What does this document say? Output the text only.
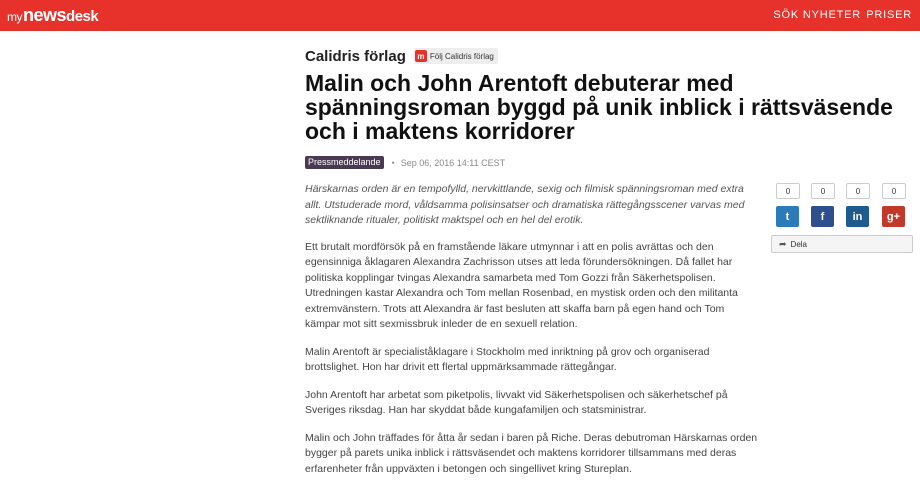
mynewsdesk	SÖK NYHETER PRISER
Calidris förlag	m Följ Calidris förlag
Malin och John Arentoft debuterar med spänningsroman byggd på unik inblick i rättsväsende och i maktens korridorer
Pressmeddelande	• Sep 06, 2016 14:11 CEST

Härskarnas orden är en tempofylld, nervkittlande, sexig och filmisk spänningsroman med extra allt. Utstuderade mord, våldsamma polisinsatser och dramatiska rättegångsscener varvas med sektliknande ritualer, politiskt maktspel och en hel del erotik.

Ett brutalt mordförsök på en framstående läkare utmynnar i att en polis avrättas och den egensinniga åklagaren Alexandra Zachrisson utses att leda förundersökningen. Då fallet har politiska kopplingar tvingas Alexandra samarbeta med Tom Gozzi från Säkerhetspolisen. Utredningen kastar Alexandra och Tom mellan Rosenbad, en mystisk orden och den militanta extremvänstern. Trots att Alexandra är fast besluten att skaffa barn på egen hand och Tom kämpar mot sitt sexmissbruk inleder de en sexuell relation.

Malin Arentoft är specialiståklagare i Stockholm med inriktning på grov och organiserad brottslighet. Hon har drivit ett flertal uppmärksammade rättegångar.

John Arentoft har arbetat som piketpolis, livvakt vid Säkerhetspolisen och säkerhetschef på Sveriges riksdag. Han har skyddat både kungafamiljen och statsministrar.

Malin och John träffades för åtta år sedan i baren på Riche. Deras debutroman Härskarnas orden bygger på parets unika inblick i rättsväsendet och maktens korridorer tillsammans med deras erfarenheter från uppväxten i betongen och singellivet kring Stureplan.

0
t
0
f
0
in
0
g+
➦ Dela
